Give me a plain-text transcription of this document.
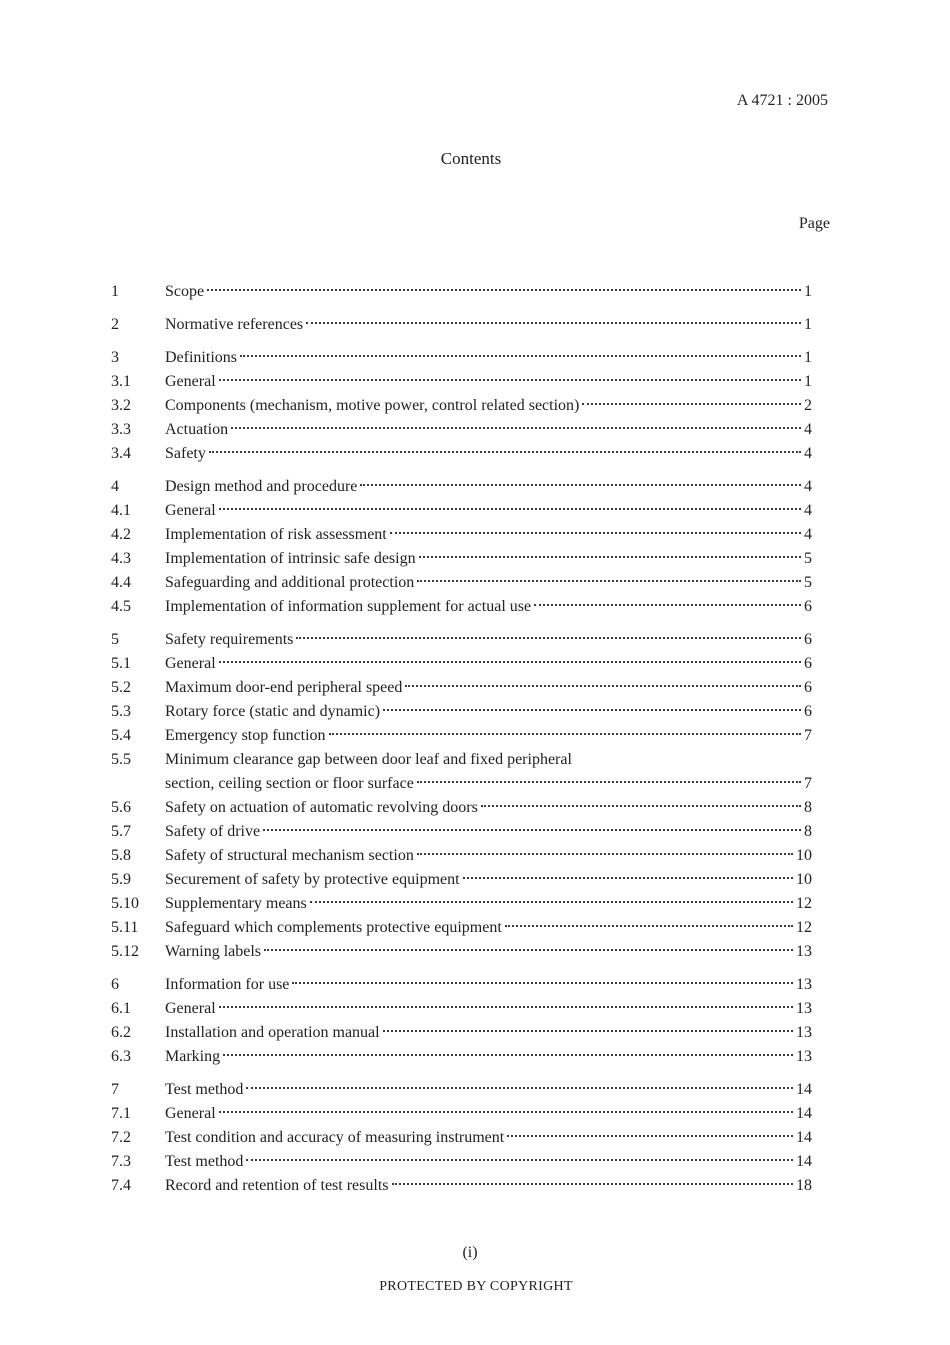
A 4721 : 2005
Contents
Page
1	Scope	1
2	Normative references	1
3	Definitions	1
3.1	General	1
3.2	Components (mechanism, motive power, control related section)	2
3.3	Actuation	4
3.4	Safety	4
4	Design method and procedure	4
4.1	General	4
4.2	Implementation of risk assessment	4
4.3	Implementation of intrinsic safe design	5
4.4	Safeguarding and additional protection	5
4.5	Implementation of information supplement for actual use	6
5	Safety requirements	6
5.1	General	6
5.2	Maximum door-end peripheral speed	6
5.3	Rotary force (static and dynamic)	6
5.4	Emergency stop function	7
5.5	Minimum clearance gap between door leaf and fixed peripheral
section, ceiling section or floor surface	7
5.6	Safety on actuation of automatic revolving doors	8
5.7	Safety of drive	8
5.8	Safety of structural mechanism section	10
5.9	Securement of safety by protective equipment	10
5.10	Supplementary means	12
5.11	Safeguard which complements protective equipment	12
5.12	Warning labels	13
6	Information for use	13
6.1	General	13
6.2	Installation and operation manual	13
6.3	Marking	13
7	Test method	14
7.1	General	14
7.2	Test condition and accuracy of measuring instrument	14
7.3	Test method	14
7.4	Record and retention of test results	18
(i)
PROTECTED BY COPYRIGHT
